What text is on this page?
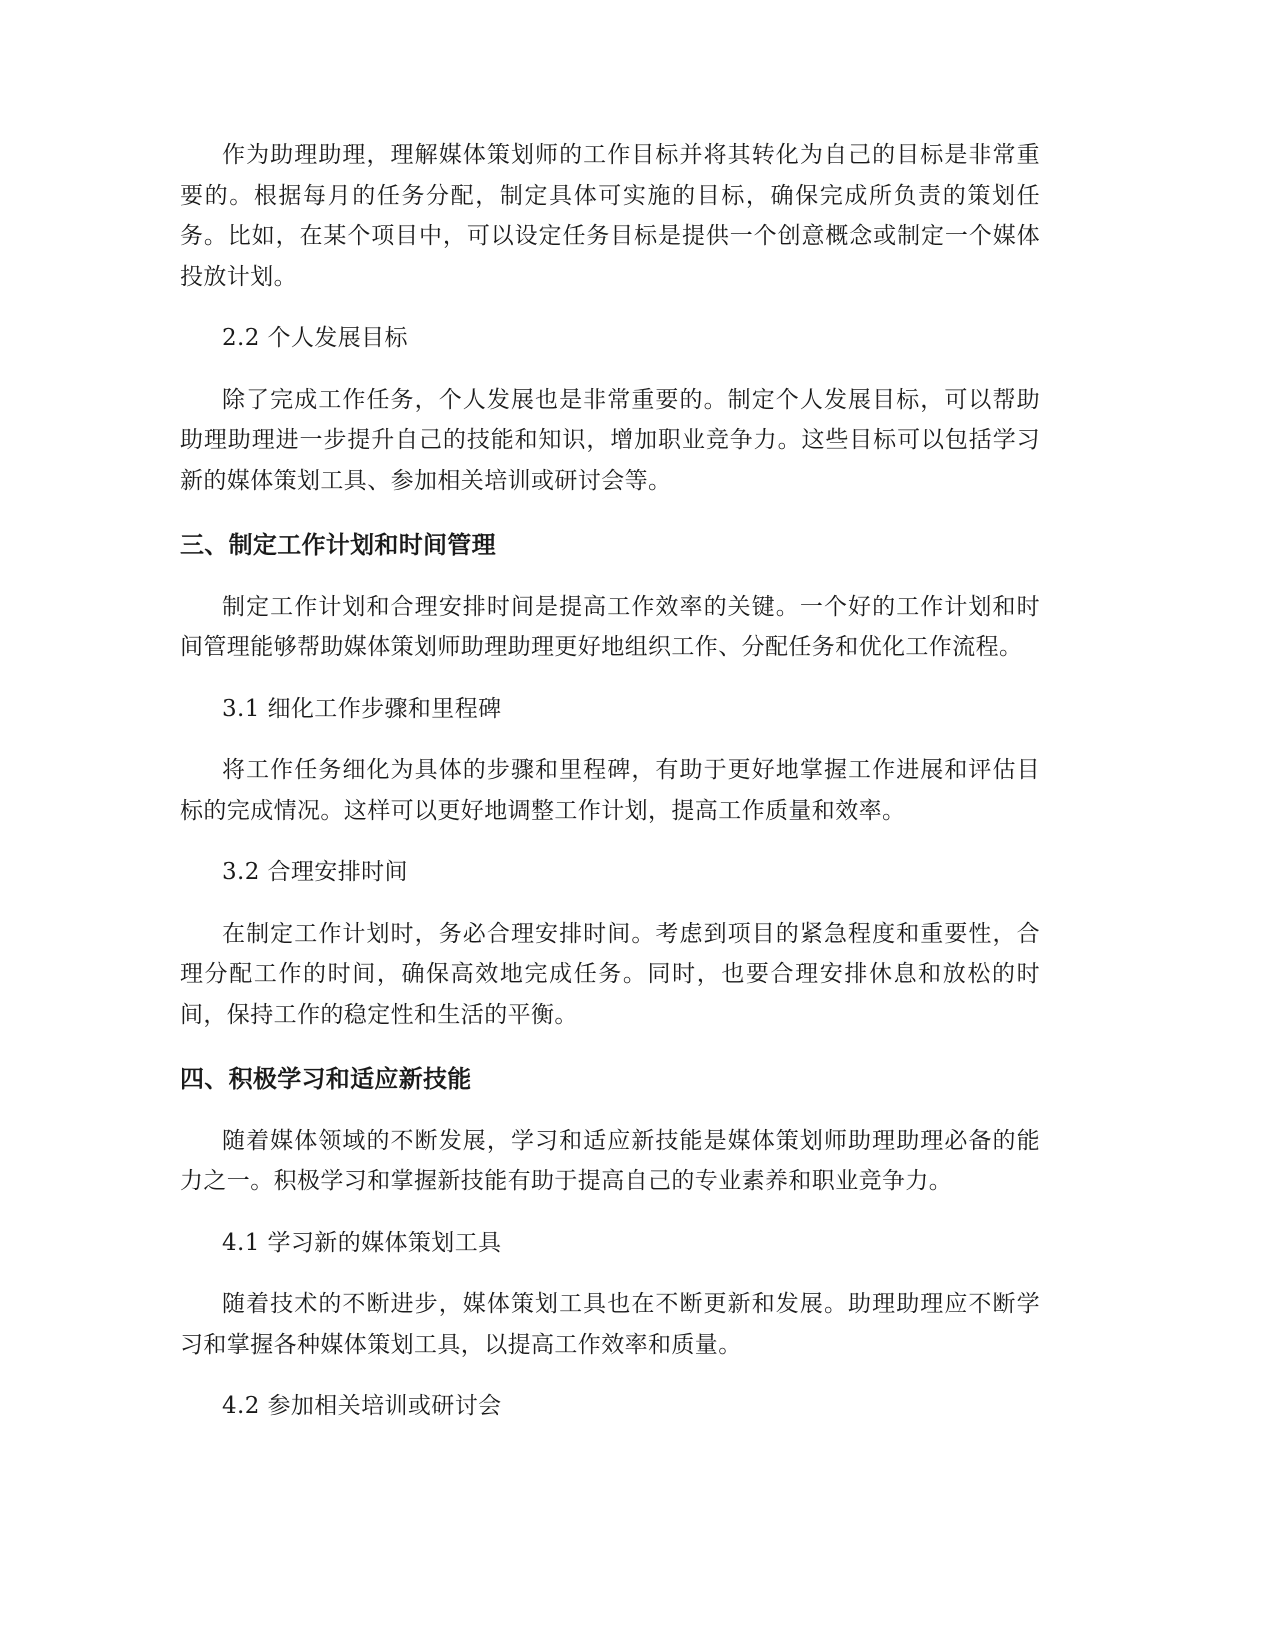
作为助理助理，理解媒体策划师的工作目标并将其转化为自己的目标是非常重要的。根据每月的任务分配，制定具体可实施的目标，确保完成所负责的策划任务。比如，在某个项目中，可以设定任务目标是提供一个创意概念或制定一个媒体投放计划。

2.2 个人发展目标

除了完成工作任务，个人发展也是非常重要的。制定个人发展目标，可以帮助助理助理进一步提升自己的技能和知识，增加职业竞争力。这些目标可以包括学习新的媒体策划工具、参加相关培训或研讨会等。

三、制定工作计划和时间管理

制定工作计划和合理安排时间是提高工作效率的关键。一个好的工作计划和时间管理能够帮助媒体策划师助理助理更好地组织工作、分配任务和优化工作流程。

3.1 细化工作步骤和里程碑

将工作任务细化为具体的步骤和里程碑，有助于更好地掌握工作进展和评估目标的完成情况。这样可以更好地调整工作计划，提高工作质量和效率。

3.2 合理安排时间

在制定工作计划时，务必合理安排时间。考虑到项目的紧急程度和重要性，合理分配工作的时间，确保高效地完成任务。同时，也要合理安排休息和放松的时间，保持工作的稳定性和生活的平衡。

四、积极学习和适应新技能

随着媒体领域的不断发展，学习和适应新技能是媒体策划师助理助理必备的能力之一。积极学习和掌握新技能有助于提高自己的专业素养和职业竞争力。

4.1 学习新的媒体策划工具

随着技术的不断进步，媒体策划工具也在不断更新和发展。助理助理应不断学习和掌握各种媒体策划工具，以提高工作效率和质量。

4.2 参加相关培训或研讨会
